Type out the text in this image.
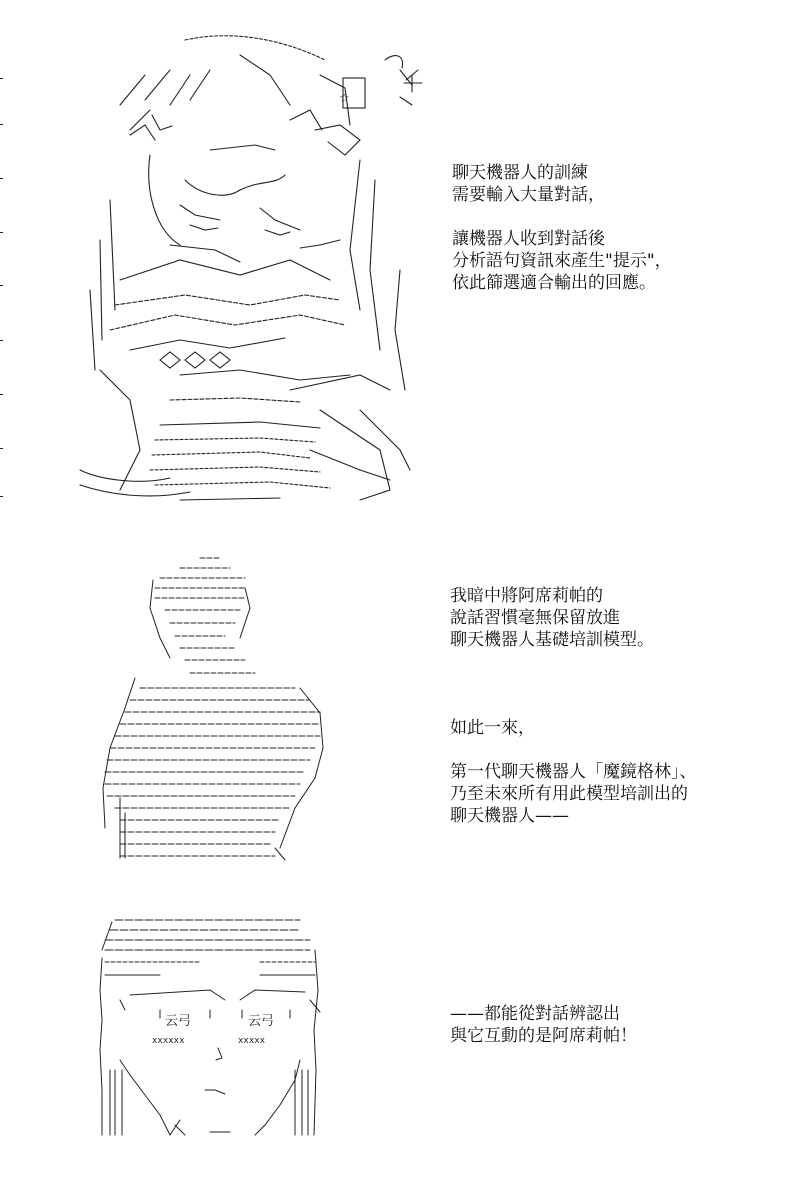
☆
聊天機器人的訓練
需要輸入大量對話，
讓機器人收到對話後
分析語句資訊來產生"提示"，
依此篩選適合輸出的回應。
我暗中將阿席莉帕的
說話習慣毫無保留放進
聊天機器人基礎培訓模型。
如此一來，
第一代聊天機器人「魔鏡格林」、
乃至未來所有用此模型培訓出的
聊天機器人——
云弓	云弓
xxxxxx	xxxxx
——都能從對話辨認出
與它互動的是阿席莉帕！
